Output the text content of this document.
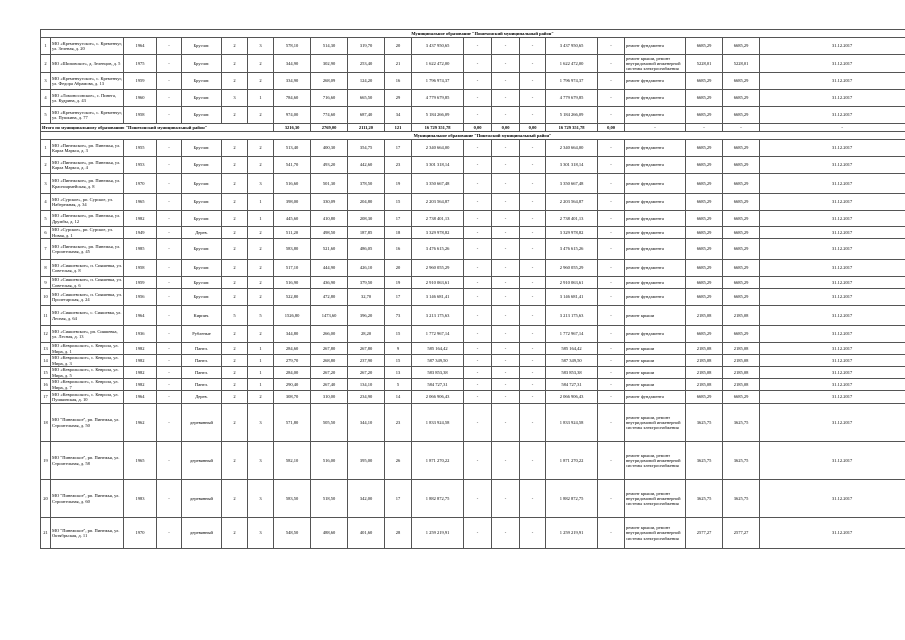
Муниципальное образование "Пошехонский муниципальный район"																				
1	МО «Кременчугское», с. Кременчуг, ул. Зеленая, д. 20	1964	-	Брусчат.	2	3	578,10	514,30	319,70	20	3 437 950,65	-	-	-	3 437 950,65	-	ремонт фундамента	6685,29	6685,29	31.12.2017
2	МО «Шиповское», д. Зеленцов, д. 5	1975	-	Брусчат.	2	2	344,90	302,90	253,40	21	1 622 472,00	-	-	-	1 622 472,00	-	ремонт крыши, ремонт внутридомовой инженерной системы электроснабжения	5228,01	5228,01	31.12.2017
3	МО «Кременчугское», с. Кременчуг, ул. Федора Абрамова, д. 13	1959	-	Брусчат.	2	2	334,90	268,09	124,20	16	1 796 974,37	-	-	-	1 796 974,37	-	ремонт фундамента	6685,29	6685,29	31.12.2017
4	МО «Ломоносовское», с. Пинега, ул. Кудрина, д. 43	1960	-	Брусчат.	3	1	784,60	716,60	665,50	29	4 779 679,85	-	-	-	4 779 679,85	-	ремонт фундамента	6685,29	6685,29	31.12.2017
5	МО «Кременчугское», с. Кременчуг, ул. Пушкина, д. 77	1958	-	Брусчат.	2	2	974,00	774,60	687,40	34	5 184 266,09	-	-	-	5 184 266,09	-	ремонт фундамента	6685,29	6685,29	31.12.2017
Итого по муниципальному образованию "Пошехонский муниципальный район"							3216,30	2769,00	2111,20	121	16 729 351,78	0,00	0,00	0,00	16 729 351,78	0,00	-	-	-	-
Муниципальное образование "Пинежский муниципальный район"																				
1	МО «Пинежское», рп. Пинежья, ул. Карла Маркса, д. 3	1955	-	Брусчат.	2	2	513,40	400,30	354,75	17	2 340 664,00	-	-	-	2 340 664,00	-	ремонт фундамента	6685,29	6685,29	31.12.2017
2	МО «Пинежское», рп. Пинежья, ул. Карла Маркса, д. 4	1953	-	Брусчат.	2	2	541,70	493,20	442,60	23	3 301 318,14	-	-	-	3 301 318,14	-	ремонт фундамента	6685,29	6685,29	31.12.2017
3	МО «Пинежское», рп. Пинежья, ул. Красноармейская, д. 8	1970	-	Брусчат.	2	3	516,60	501,30	378,50	19	3 350 667,48	-	-	-	3 350 667,48	-	ремонт фундамента	6685,29	6685,29	31.12.2017
4	МО «Сурское», рп. Сурское, ул. Набережная, д. 34	1965	-	Брусчат.	2	1	398,00	330,09	204,80	15	2 203 564,87	-	-	-	2 203 564,87	-	ремонт фундамента	6685,29	6685,29	31.12.2017
5	МО «Пинежское», рп. Пинежья, ул. Дружбы, д. 12	1982	-	Брусчат.	2	1	445,60	410,80	208,30	17	2 738 401,13	-	-	-	2 738 401,13	-	ремонт фундамента	6685,29	6685,29	31.12.2017
6	МО «Сурское», рп. Сурское, ул. Новая, д. 1	1949	-	Дерев.	2	2	511,20	498,50	187,85	18	3 329 978,82	-	-	-	3 329 978,82	-	ремонт фундамента	6685,29	6685,29	31.12.2017
7	МО «Пинежское», рп. Пинежья, ул. Строительная, д. 45	1985	-	Брусчат.	2	2	583,80	521,60	486,05	16	3 476 615,26	-	-	-	3 476 615,26	-	ремонт фундамента	6685,29	6685,29	31.12.2017
8	МО «Сияшевское», п. Сияшевка, ул. Советская, д. 8	1958	-	Брусчат.	2	2	517,10	444,90	426,10	20	2 960 055,29	-	-	-	2 960 055,29	-	ремонт фундамента	6685,29	6685,29	31.12.2017
9	МО «Сияшевское», п. Сияшевка, ул. Советская, д. 6	1959	-	Брусчат.	2	2	516,90	436,90	379,50	19	2 910 063,61	-	-	-	2 910 063,61	-	ремонт фундамента	6685,29	6685,29	31.12.2017
10	МО «Сияшевское», п. Сияшевка, ул. Пролетарская, д. 24	1956	-	Брусчат.	2	2	522,80	472,80	32,70	17	3 146 681,41	-	-	-	3 146 681,41	-	ремонт фундамента	6685,29	6685,29	31.12.2017
11	МО «Сияшевское», с. Сияшевка, ул. Лесная, д. 64	1964	-	Кирпич.	5	5	1526,80	1473,60	396,20	73	3 213 175,63	-	-	-	3 213 175,63	-	ремонт крыши	2185,08	2185,08	31.12.2017
12	МО «Сияшевское», рп. Сияшевка, ул. Лесная, д. 13	1936	-	Рубленые	2	2	344,80	266,00	28,20	15	1 772 967,14	-	-	-	1 772 967,14	-	ремонт фундамента	6685,29	6685,29	31.12.2017
13	МО «Кеврольское», с. Кеврола, ул. Мира, д. 1	1982	-	Панел.	2	1	284,60	267,80	267,80	9	585 164,42	-	-	-	585 164,42	-	ремонт крыши	2185,08	2185,08	31.12.2017
14	МО «Кеврольское», с. Кеврола, ул. Мира, д. 3	1982	-	Панел.	2	1	279,70	268,80	237,90	15	587 349,50	-	-	-	587 349,50	-	ремонт крыши	2185,08	2185,08	31.12.2017
15	МО «Кеврольское», с. Кеврола, ул. Мира, д. 5	1982	-	Панел.	2	1	284,00	267,20	267,20	13	583 853,38	-	-	-	583 853,38	-	ремонт крыши	2185,08	2185,08	31.12.2017
16	МО «Кеврольское», с. Кеврола, ул. Мира, д. 7	1982	-	Панел.	2	1	290,40	267,40	134,10	5	584 727,31	-	-	-	584 727,31	-	ремонт крыши	2185,08	2185,08	31.12.2017
17	МО «Кеврольское», с. Кеврола, ул. Пушкинская, д. 10	1964	-	Дерев.	2	2	308,70	310,00	234,90	14	2 066 906,43	-	-	-	2 066 906,43	-	ремонт фундамента	6685,29	6685,29	31.12.2017
18	МО "Пинежское", рп. Пинежья, ул. Строительная, д. 50	1962	-	деревянный	2	3	571,80	505,50	344,10	23	1 833 924,58	-	-	-	1 833 924,58	-	ремонт крыши, ремонт внутридомовой инженерной системы электроснабжения	3625,75	3625,75	31.12.2017
19	МО "Пинежское", рп. Пинежья, ул. Строительная, д. 58	1965	-	деревянный	2	3	582,10	516,00	395,00	26	1 871 270,22	-	-	-	1 871 270,22	-	ремонт крыши, ремонт внутридомовой инженерной системы электроснабжения	3625,75	3625,75	31.12.2017
20	МО "Пинежское", рп. Пинежья, ул. Строительная, д. 60	1983	-	деревянный	2	3	583,50	518,50	342,00	17	1 882 872,75	-	-	-	1 882 872,75	-	ремонт крыши, ремонт внутридомовой инженерной системы электроснабжения	3625,75	3625,75	31.12.2017
21	МО "Пинежское", рп. Пинежья, ул. Октябрьская, д. 11	1970	-	деревянный	2	3	548,50	488,60	401,60	28	1 259 219,91	-	-	-	1 259 219,91	-	ремонт крыши, ремонт внутридомовой инженерной системы электроснабжения	2577,27	2577,27	31.12.2017
